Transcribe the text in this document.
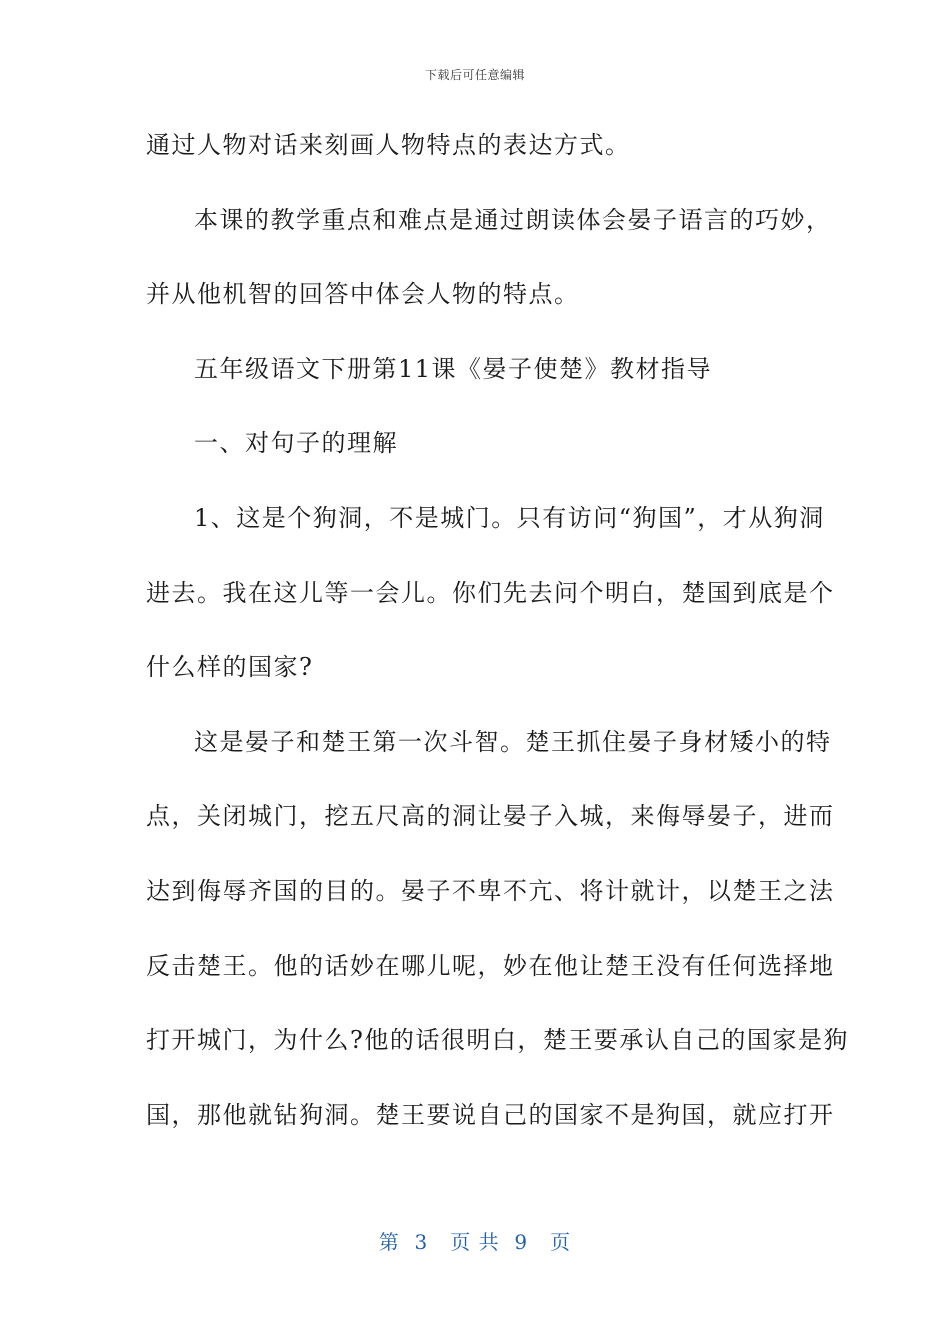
下载后可任意编辑
通过人物对话来刻画人物特点的表达方式。
本课的教学重点和难点是通过朗读体会晏子语言的巧妙，
并从他机智的回答中体会人物的特点。
五年级语文下册第11课《晏子使楚》教材指导
一、对句子的理解
1、这是个狗洞，不是城门。只有访问“狗国”，才从狗洞
进去。我在这儿等一会儿。你们先去问个明白，楚国到底是个
什么样的国家?
这是晏子和楚王第一次斗智。楚王抓住晏子身材矮小的特
点，关闭城门，挖五尺高的洞让晏子入城，来侮辱晏子，进而
达到侮辱齐国的目的。晏子不卑不亢、将计就计，以楚王之法
反击楚王。他的话妙在哪儿呢，妙在他让楚王没有任何选择地
打开城门，为什么?他的话很明白，楚王要承认自己的国家是狗
国，那他就钻狗洞。楚王要说自己的国家不是狗国，就应打开
第  3   页 共  9   页
